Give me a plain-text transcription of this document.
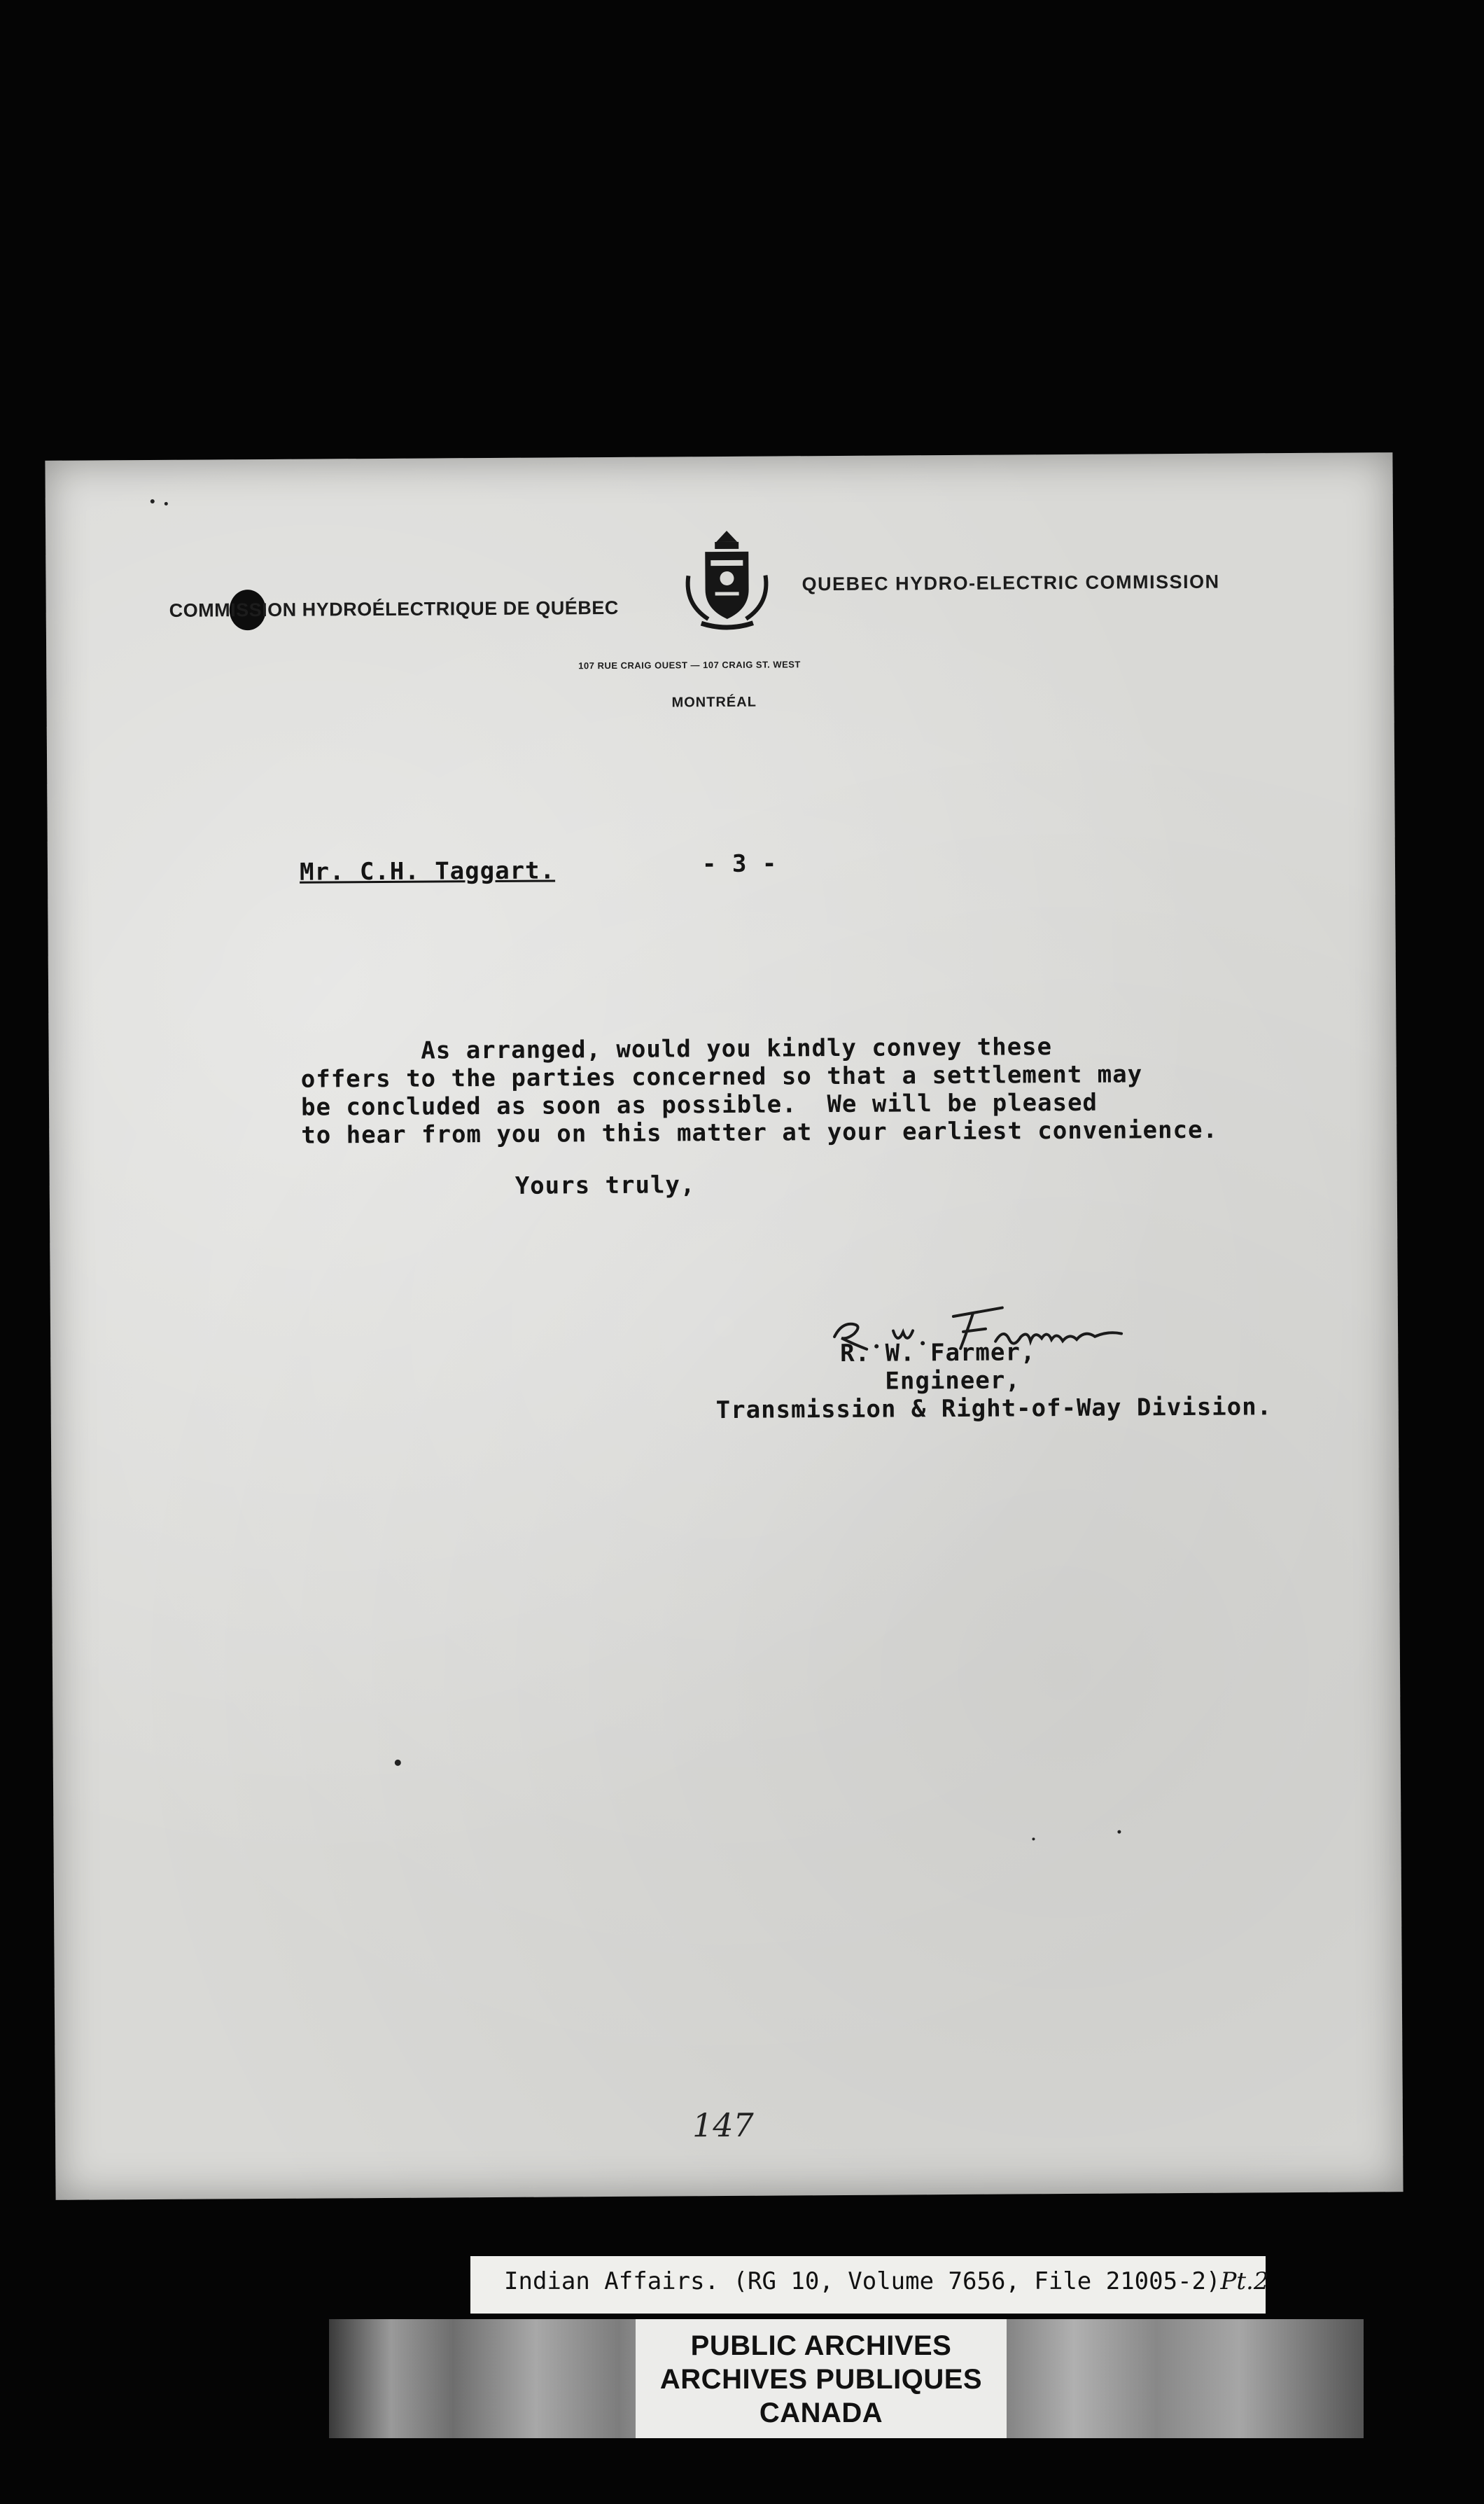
COMMISSION HYDROÉLECTRIQUE DE QUÉBEC
QUEBEC HYDRO-ELECTRIC COMMISSION
107 RUE CRAIG OUEST — 107 CRAIG ST. WEST
MONTRÉAL
Mr. C.H. Taggart.	- 3 -
As arranged, would you kindly convey these
offers to the parties concerned so that a settlement may
be concluded as soon as possible.  We will be pleased
to hear from you on this matter at your earliest convenience.
Yours truly,
R. W. Farmer,
Engineer,
Transmission & Right-of-Way Division.
147
Indian Affairs. (RG 10, Volume 7656, File 21005-2)Pt.2
PUBLIC ARCHIVES
ARCHIVES PUBLIQUES
CANADA
